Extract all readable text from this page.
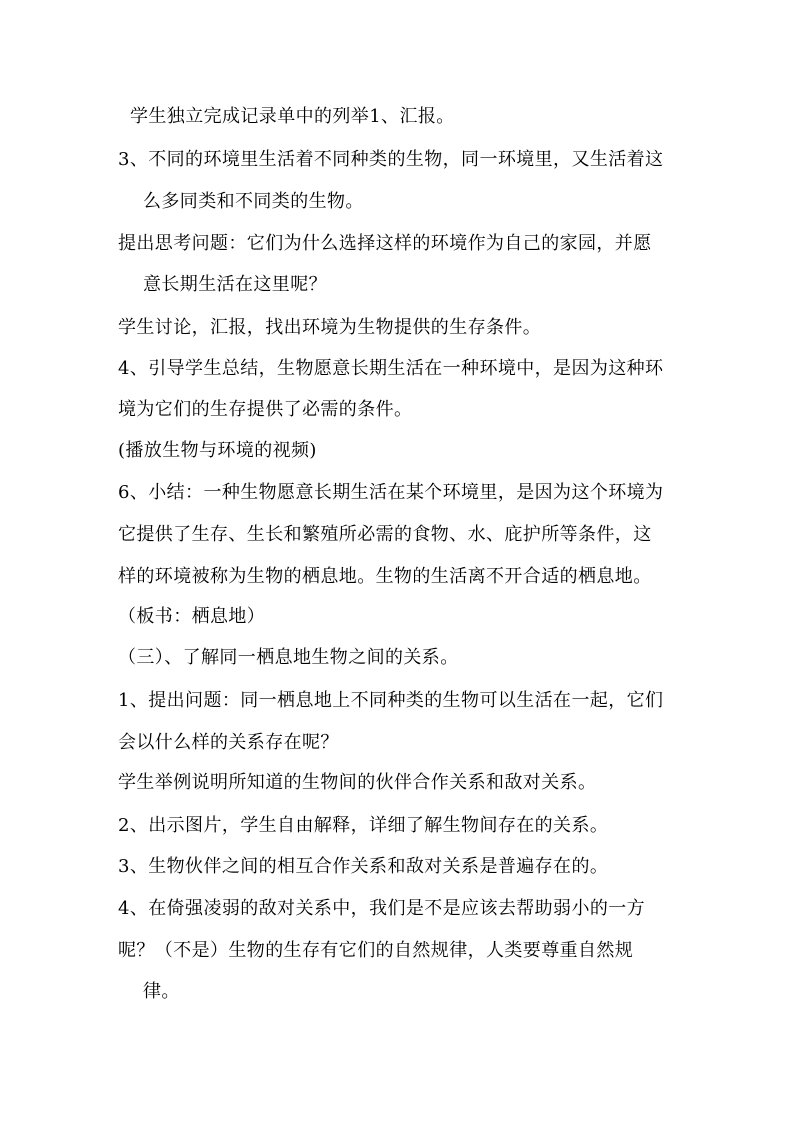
学生独立完成记录单中的列举1、汇报。
3、不同的环境里生活着不同种类的生物，同一环境里，又生活着这
么多同类和不同类的生物。
提出思考问题：它们为什么选择这样的环境作为自己的家园，并愿
意长期生活在这里呢？
学生讨论，汇报，找出环境为生物提供的生存条件。
4、引导学生总结，生物愿意长期生活在一种环境中，是因为这种环
境为它们的生存提供了必需的条件。
(播放生物与环境的视频)
6、小结：一种生物愿意长期生活在某个环境里，是因为这个环境为
它提供了生存、生长和繁殖所必需的食物、水、庇护所等条件，这
样的环境被称为生物的栖息地。生物的生活离不开合适的栖息地。
（板书：栖息地）
（三）、了解同一栖息地生物之间的关系。
1、提出问题：同一栖息地上不同种类的生物可以生活在一起，它们
会以什么样的关系存在呢？
学生举例说明所知道的生物间的伙伴合作关系和敌对关系。
2、出示图片，学生自由解释，详细了解生物间存在的关系。
3、生物伙伴之间的相互合作关系和敌对关系是普遍存在的。
4、在倚强凌弱的敌对关系中，我们是不是应该去帮助弱小的一方
呢？（不是）生物的生存有它们的自然规律，人类要尊重自然规
律。
